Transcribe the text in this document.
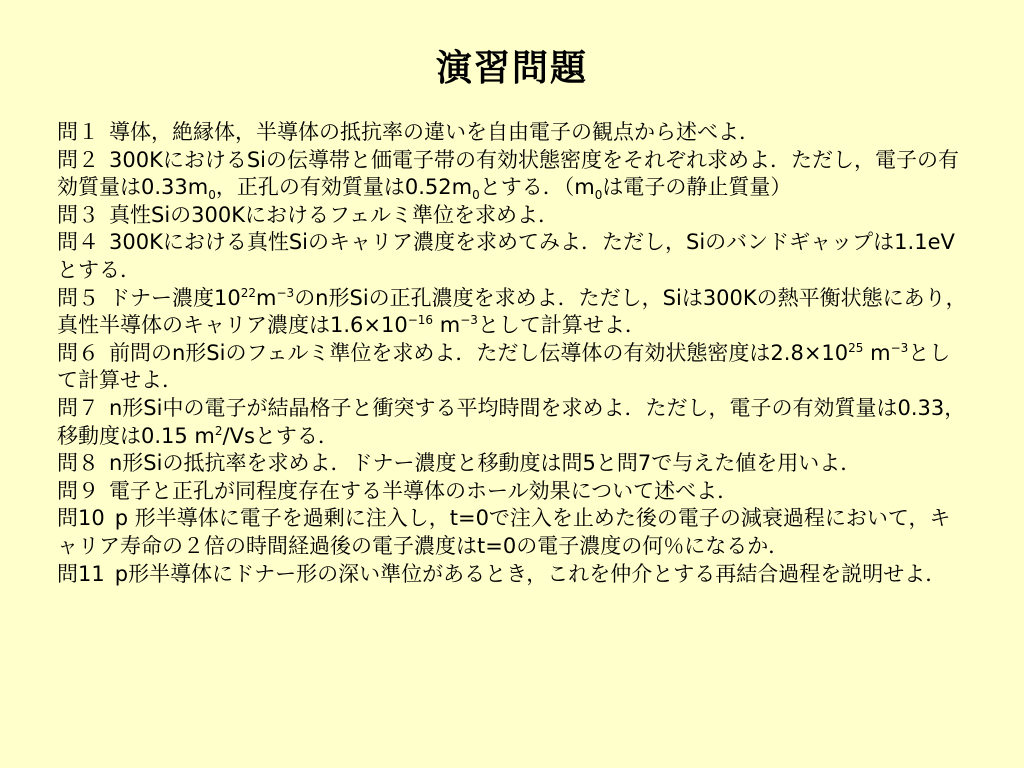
演習問題
問１ 導体，絶縁体，半導体の抵抗率の違いを自由電子の観点から述べよ．
問２ 300KにおけるSiの伝導帯と価電子帯の有効状態密度をそれぞれ求めよ．ただし，電子の有効質量は$0.33m_0$，正孔の有効質量は$0.52m_0$とする．（$m_0$は電子の静止質量）
問３ 真性Siの300Kにおけるフェルミ準位を求めよ．
問４ 300Kにおける真性Siのキャリア濃度を求めてみよ．ただし，Siのバンドギャップは1.1eVとする．
問５ ドナー濃度$10^{22}m^{-3}$のn形Siの正孔濃度を求めよ．ただし，Siは300Kの熱平衡状態にあり，真性半導体のキャリア濃度は$1.6\times 10^{-16}$ $m^{-3}$として計算せよ．
問６ 前問のn形Siのフェルミ準位を求めよ．ただし伝導体の有効状態密度は$2.8\times 10^{25}$ $m^{-3}$として計算せよ．
問７ n形Si中の電子が結晶格子と衝突する平均時間を求めよ．ただし，電子の有効質量は0.33，移動度は0.15 $m^2/Vs$とする．
問８ n形Siの抵抗率を求めよ．ドナー濃度と移動度は問5と問7で与えた値を用いよ．
問９ 電子と正孔が同程度存在する半導体のホール効果について述べよ．
問10 p 形半導体に電子を過剰に注入し，t=0で注入を止めた後の電子の減衰過程において，キャリア寿命の２倍の時間経過後の電子濃度はt=0の電子濃度の何％になるか．
問11 p形半導体にドナー形の深い準位があるとき，これを仲介とする再結合過程を説明せよ．
